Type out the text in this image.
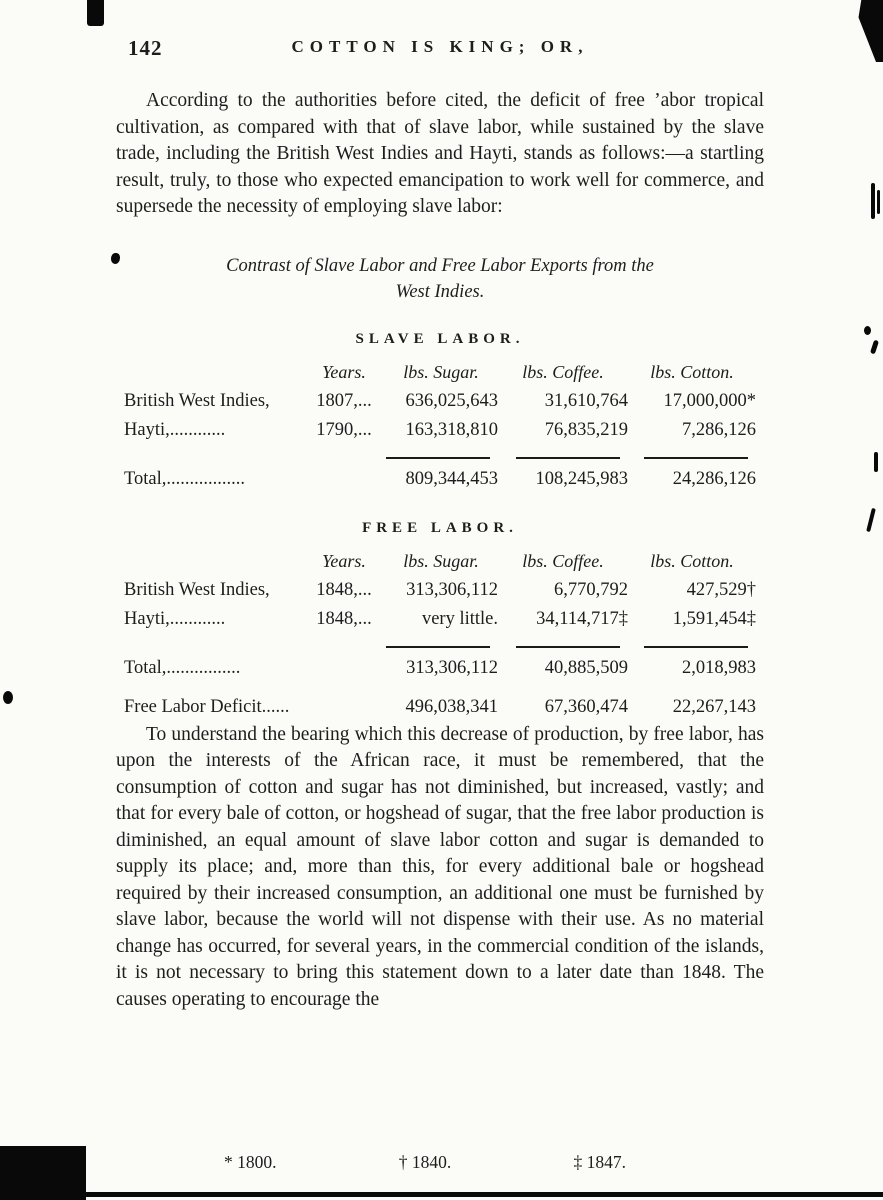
142	COTTON IS KING; OR,

According to the authorities before cited, the deficit of free ’abor tropical cultivation, as compared with that of slave labor, while sustained by the slave trade, including the British West Indies and Hayti, stands as follows:—a startling result, truly, to those who expected emancipation to work well for commerce, and supersede the necessity of employing slave labor:

Contrast of Slave Labor and Free Labor Exports from the
West Indies.
SLAVE LABOR.
	Years.	lbs. Sugar.	lbs. Coffee.	lbs. Cotton.
British West Indies,	1807,...	636,025,643	31,610,764	17,000,000*
Hayti,............	1790,...	163,318,810	76,835,219	7,286,126

Total,.................		809,344,453	108,245,983	24,286,126
FREE LABOR.
	Years.	lbs. Sugar.	lbs. Coffee.	lbs. Cotton.
British West Indies,	1848,...	313,306,112	6,770,792	427,529†
Hayti,............	1848,...	very little.	34,114,717‡	1,591,454‡

Total,................		313,306,112	40,885,509	2,018,983
Free Labor Deficit......		496,038,341	67,360,474	22,267,143

To understand the bearing which this decrease of production, by free labor, has upon the interests of the African race, it must be remembered, that the consumption of cotton and sugar has not diminished, but increased, vastly; and that for every bale of cotton, or hogshead of sugar, that the free labor production is diminished, an equal amount of slave labor cotton and sugar is demanded to supply its place; and, more than this, for every additional bale or hogshead required by their increased consumption, an additional one must be furnished by slave labor, because the world will not dispense with their use. As no material change has occurred, for several years, in the commercial condition of the islands, it is not necessary to bring this statement down to a later date than 1848. The causes operating to encourage the

* 1800.	† 1840.	‡ 1847.
